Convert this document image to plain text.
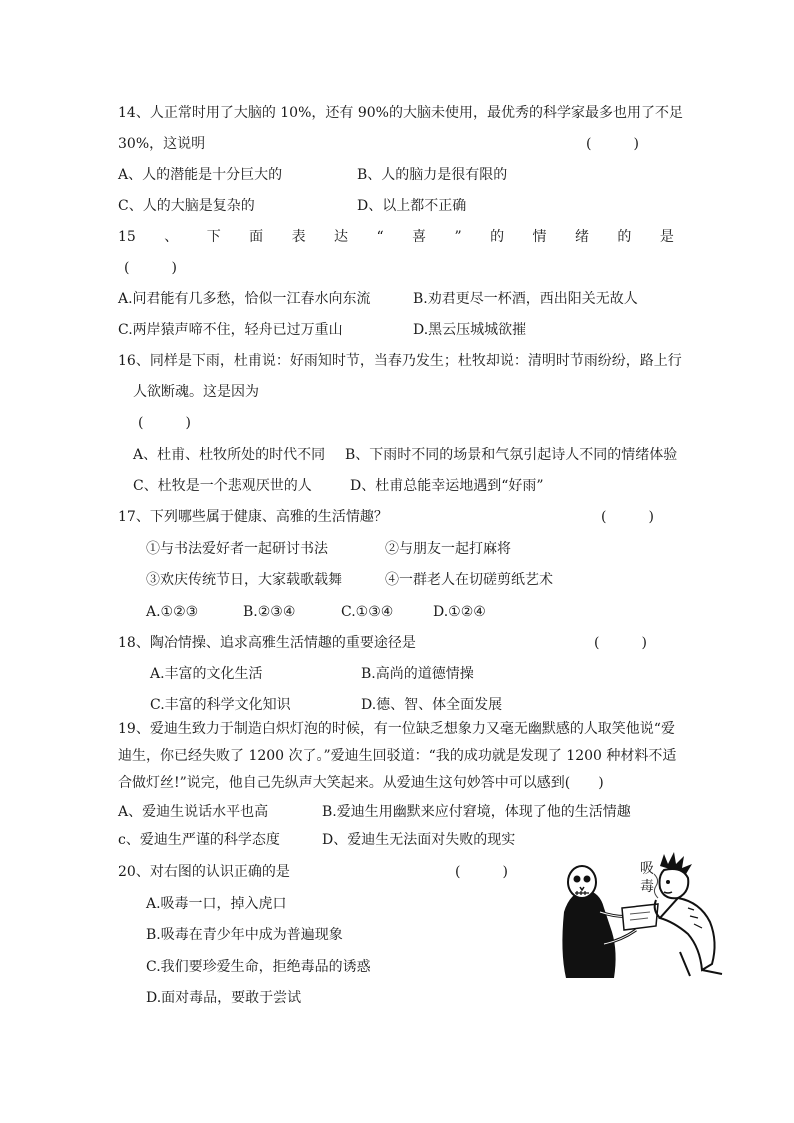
14、人正常时用了大脑的 10%，还有 90%的大脑未使用，最优秀的科学家最多也用了不足
30%，这说明	(　　　)
A、人的潜能是十分巨大的	B、人的脑力是很有限的
C、人的大脑是复杂的	D、以上都不正确
15 、 下 面 表 达 “ 喜 ” 的 情 绪 的 是
(　　　)
A.问君能有几多愁，恰似一江春水向东流	B.劝君更尽一杯酒，西出阳关无故人
C.两岸猿声啼不住，轻舟已过万重山	D.黑云压城城欲摧
16、同样是下雨，杜甫说：好雨知时节，当春乃发生；杜牧却说：清明时节雨纷纷，路上行
人欲断魂。这是因为
(　　　)
A、杜甫、杜牧所处的时代不同 B、下雨时不同的场景和气氛引起诗人不同的情绪体验
C、杜牧是一个悲观厌世的人	D、杜甫总能幸运地遇到“好雨”
17、下列哪些属于健康、高雅的生活情趣？	(　　　)
①与书法爱好者一起研讨书法	②与朋友一起打麻将
③欢庆传统节日，大家载歌载舞	④一群老人在切磋剪纸艺术
A.①②③	B.②③④	C.①③④	D.①②④
18、陶冶情操、追求高雅生活情趣的重要途径是	(　　　)
A.丰富的文化生活	B.高尚的道德情操
C.丰富的科学文化知识	D.德、智、体全面发展
19、爱迪生致力于制造白炽灯泡的时候，有一位缺乏想象力又毫无幽默感的人取笑他说“爱
迪生，你已经失败了 1200 次了。”爱迪生回驳道：“我的成功就是发现了 1200 种材料不适
合做灯丝!”说完，他自己先纵声大笑起来。从爱迪生这句妙答中可以感到(　　)
A、爱迪生说话水平也高	B.爱迪生用幽默来应付窘境，体现了他的生活情趣
c、爱迪生严谨的科学态度	D、爱迪生无法面对失败的现实
20、对右图的认识正确的是	(　　　)
A.吸毒一口，掉入虎口
B.吸毒在青少年中成为普遍现象
C.我们要珍爱生命，拒绝毒品的诱惑
D.面对毒品，要敢于尝试
吸毒
